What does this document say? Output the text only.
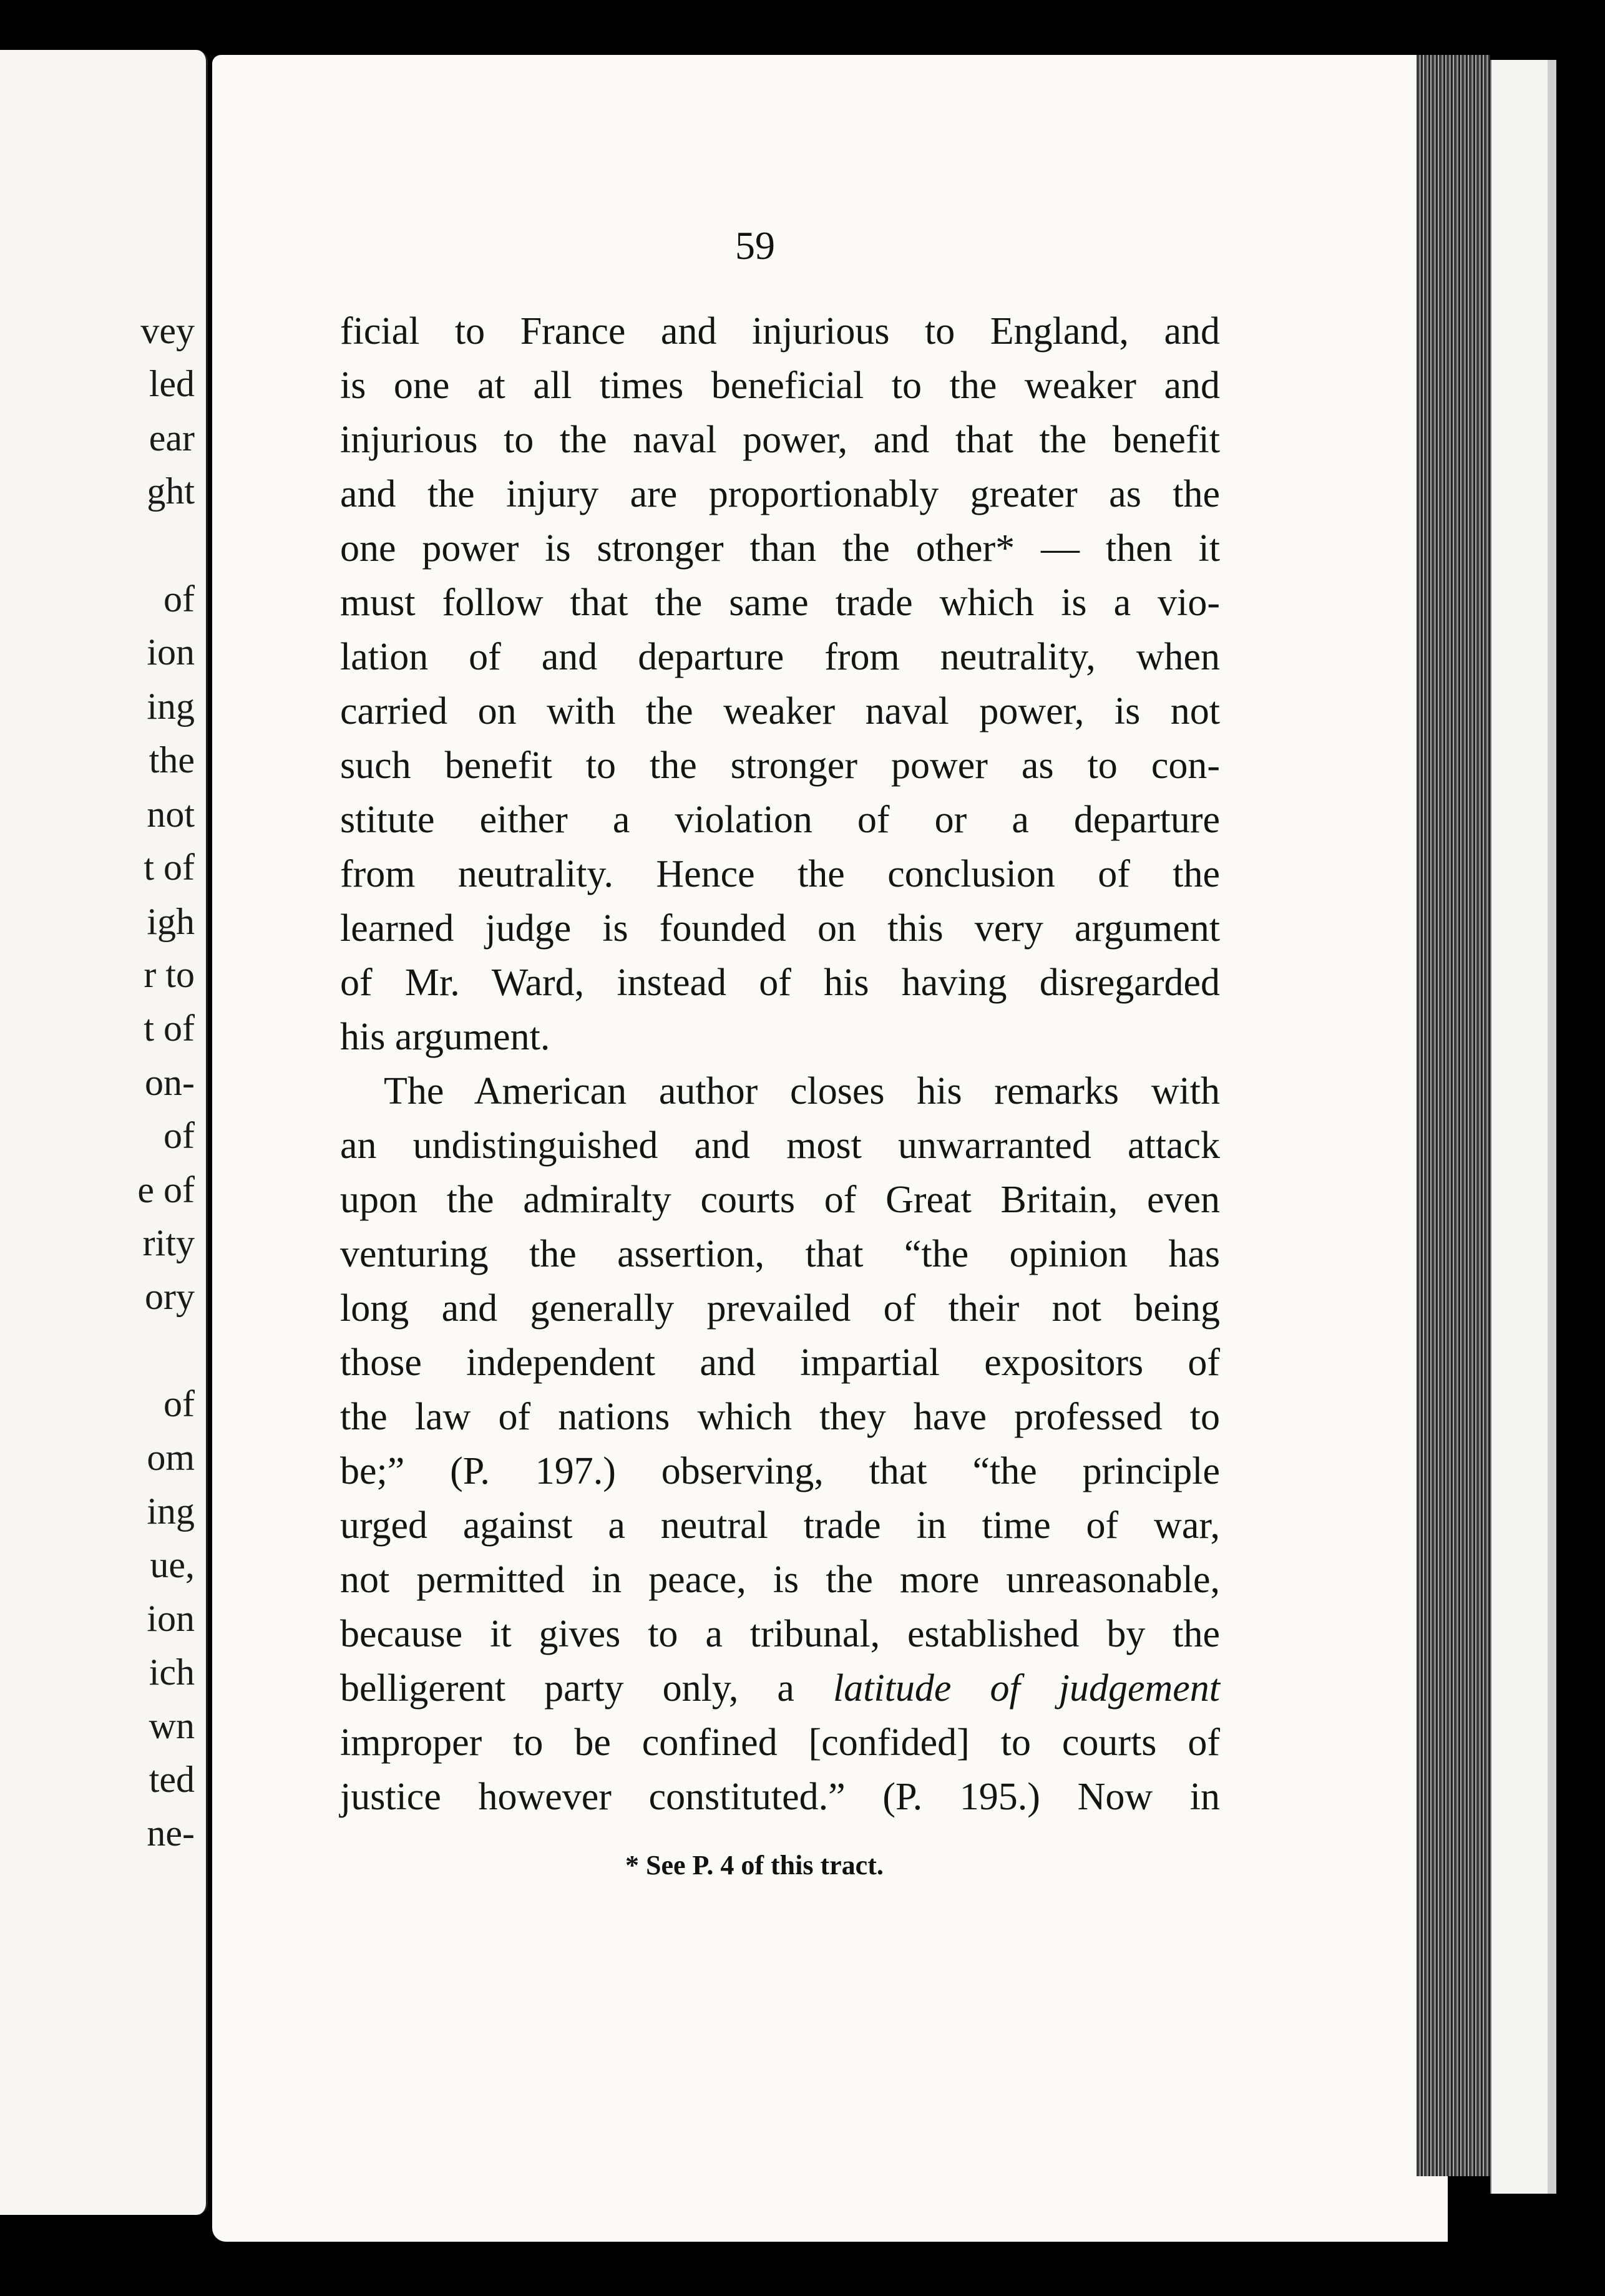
vey
led
ear
ght
of
ion
ing
the
not
t of
igh
r to
t of
on-
of
e of
rity
ory
of
om
ing
ue,
ion
ich
wn
ted
ne-
59
ficial to France and injurious to England, and
is one at all times beneficial to the weaker and
injurious to the naval power, and that the benefit
and the injury are proportionably greater as the
one power is stronger than the other* — then it
must follow that the same trade which is a vio-
lation of and departure from neutrality, when
carried on with the weaker naval power, is not
such benefit to the stronger power as to con-
stitute either a violation of or a departure
from neutrality. Hence the conclusion of the
learned judge is founded on this very argument
of Mr. Ward, instead of his having disregarded
his argument.
The American author closes his remarks with
an undistinguished and most unwarranted attack
upon the admiralty courts of Great Britain, even
venturing the assertion, that “the opinion has
long and generally prevailed of their not being
those independent and impartial expositors of
the law of nations which they have professed to
be;” (P. 197.) observing, that “the principle
urged against a neutral trade in time of war,
not permitted in peace, is the more unreasonable,
because it gives to a tribunal, established by the
belligerent party only, a latitude of judgement
improper to be confined [confided] to courts of
justice however constituted.” (P. 195.) Now in
* See P. 4 of this tract.
